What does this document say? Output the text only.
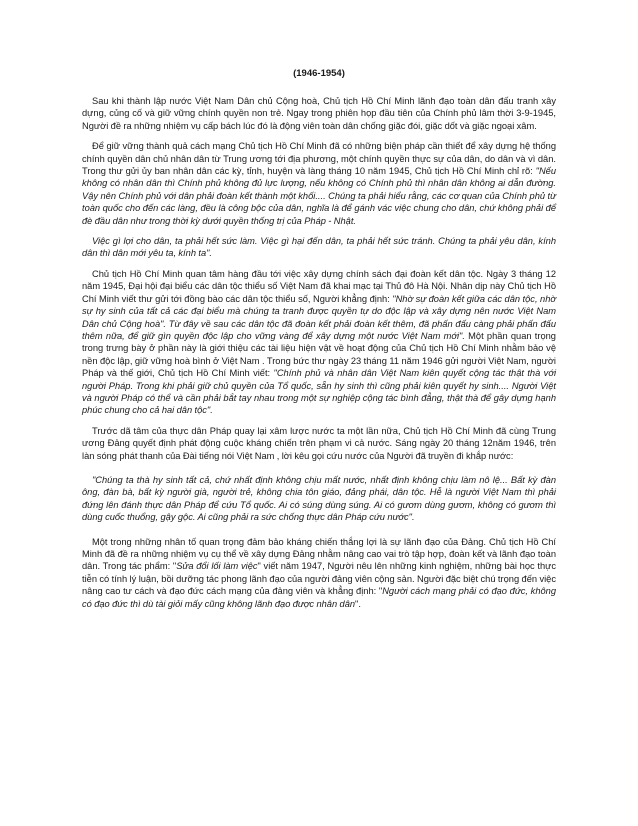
(1946-1954)

Sau khi thành lập nước Việt Nam Dân chủ Cộng hoà, Chủ tịch Hồ Chí Minh lãnh đạo toàn dân đấu tranh xây dựng, củng cố và giữ vững chính quyền non trẻ. Ngay trong phiên họp đầu tiên của Chính phủ lâm thời 3-9-1945, Người đề ra những nhiệm vụ cấp bách lúc đó là động viên toàn dân chống giặc đói, giặc dốt và giặc ngoại xâm.

Để giữ vững thành quả cách mạng Chủ tịch Hồ Chí Minh đã có những biện pháp cần thiết để xây dựng hệ thống chính quyền dân chủ nhân dân từ Trung ương tới địa phương, một chính quyền thực sự của dân, do dân và vì dân. Trong thư gửi ủy ban nhân dân các kỳ, tỉnh, huyện và làng tháng 10 năm 1945, Chủ tịch Hồ Chí Minh chỉ rõ: "Nếu không có nhân dân thì Chính phủ không đủ lực lượng, nếu không có Chính phủ thì nhân dân không ai dẫn đường. Vậy nên Chính phủ với dân phải đoàn kết thành một khối.... Chúng ta phải hiểu rằng, các cơ quan của Chính phủ từ toàn quốc cho đến các làng, đều là công bộc của dân, nghĩa là để gánh vác việc chung cho dân, chứ không phải để đè đầu dân như trong thời kỳ dưới quyền thống trị của Pháp - Nhật.

Việc gì lợi cho dân, ta phải hết sức làm. Việc gì hại đến dân, ta phải hết sức tránh. Chúng ta phải yêu dân, kính dân thì dân mới yêu ta, kính ta".

Chủ tịch Hồ Chí Minh quan tâm hàng đầu tới việc xây dựng chính sách đại đoàn kết dân tộc. Ngày 3 tháng 12 năm 1945, Đại hội đại biểu các dân tộc thiểu số Việt Nam đã khai mạc tại Thủ đô Hà Nội. Nhân dịp này Chủ tịch Hồ Chí Minh viết thư gửi tới đồng bào các dân tộc thiểu số, Người khẳng định: "Nhờ sự đoàn kết giữa các dân tộc, nhờ sự hy sinh của tất cả các đại biểu mà chúng ta tranh được quyền tự do độc lập và xây dựng nên nước Việt Nam Dân chủ Cộng hoà". Từ đây về sau các dân tộc đã đoàn kết phải đoàn kết thêm, đã phấn đấu càng phải phấn đấu thêm nữa, để giữ gìn quyền độc lập cho vững vàng để xây dựng một nước Việt Nam mới". Một phần quan trọng trong trưng bày ở phần này là giới thiệu các tài liệu hiện vật về hoạt động của Chủ tịch Hồ Chí Minh nhằm bảo vệ nền độc lập, giữ vững hoà bình ở Việt Nam . Trong bức thư ngày 23 tháng 11 năm 1946 gửi người Việt Nam, người Pháp và thế giới, Chủ tịch Hồ Chí Minh viết: "Chính phủ và nhân dân Việt Nam kiên quyết cộng tác thật thà với người Pháp. Trong khi phải giữ chủ quyền của Tổ quốc, sẵn hy sinh thì cũng phải kiên quyết hy sinh.... Người Việt và người Pháp có thể và cần phải bắt tay nhau trong một sự nghiệp cộng tác bình đẳng, thật thà để gây dựng hạnh phúc chung cho cả hai dân tộc".

Trước dã tâm của thực dân Pháp quay lại xâm lược nước ta một lần nữa, Chủ tịch Hồ Chí Minh đã cùng Trung ương Đảng quyết định phát động cuộc kháng chiến trên phạm vi cả nước. Sáng ngày 20 tháng 12năm 1946, trên làn sóng phát thanh của Đài tiếng nói Việt Nam , lời kêu gọi cứu nước của Người đã truyền đi khắp nước:

"Chúng ta thà hy sinh tất cả, chứ nhất định không chịu mất nước, nhất định không chịu làm nô lệ... Bất kỳ đàn ông, đàn bà, bất kỳ người già, người trẻ, không chia tôn giáo, đảng phái, dân tộc. Hễ là người Việt Nam thì phải đứng lên đánh thực dân Pháp để cứu Tổ quốc. Ai có súng dùng súng. Ai có gươm dùng gươm, không có gươm thì dùng cuốc thuổng, gậy gộc. Ai cũng phải ra sức chống thực dân Pháp cứu nước".

Một trong những nhân tố quan trọng đảm bảo kháng chiến thắng lợi là sự lãnh đạo của Đảng. Chủ tịch Hồ Chí Minh đã đề ra những nhiệm vụ cụ thể về xây dựng Đảng nhằm nâng cao vai trò tập hợp, đoàn kết và lãnh đạo toàn dân. Trong tác phẩm: "Sửa đổi lối làm việc" viết năm 1947, Người nêu lên những kinh nghiệm, những bài học thực tiễn có tính lý luận, bồi dưỡng tác phong lãnh đạo của người đảng viên cộng sản. Người đặc biệt chú trọng đến việc nâng cao tư cách và đạo đức cách mạng của đảng viên và khẳng định: "Người cách mạng phải có đạo đức, không có đạo đức thì dù tài giỏi mấy cũng không lãnh đạo được nhân dân".
